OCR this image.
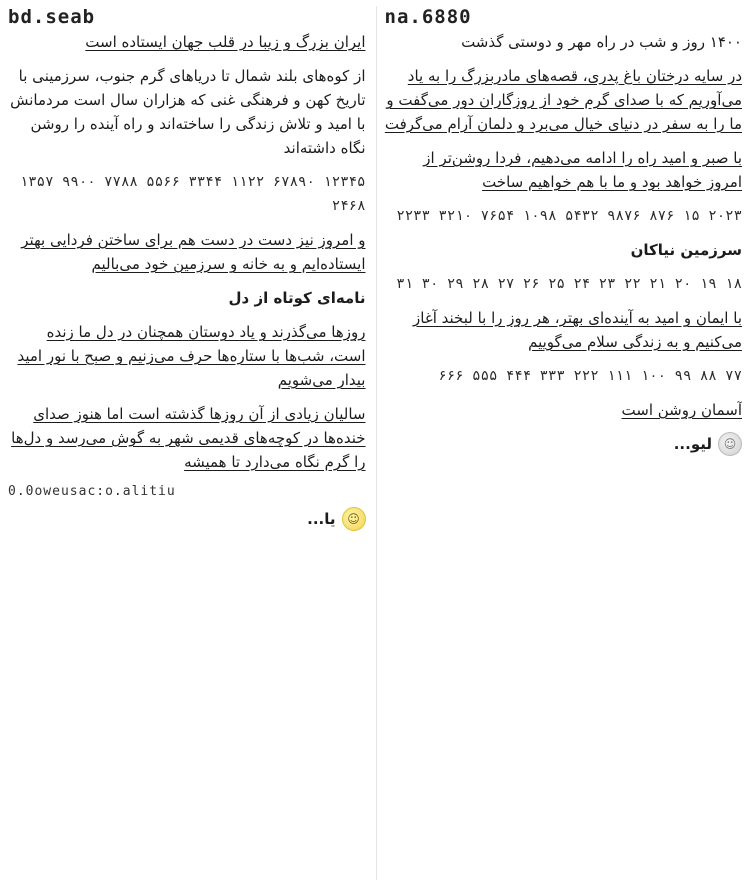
bd.seab
ایران بزرگ و زیبا در قلب جهان ایستاده است
از کوه‌های بلند شمال تا دریاهای گرم جنوب، سرزمینی با تاریخ کهن و فرهنگی غنی که هزاران سال است مردمانش با امید و تلاش زندگی را ساخته‌اند و راه آینده را روشن نگاه داشته‌اند
۱۲۳۴۵ ۶۷۸۹۰ ۱۱۲۲ ۳۳۴۴ ۵۵۶۶ ۷۷۸۸ ۹۹۰۰ ۱۳۵۷ ۲۴۶۸
و امروز نیز دست در دست هم برای ساختن فردایی بهتر ایستاده‌ایم و به خانه و سرزمین خود می‌بالیم
نامه‌ای کوتاه از دل
روزها می‌گذرند و یاد دوستان همچنان در دل ما زنده است، شب‌ها با ستاره‌ها حرف می‌زنیم و صبح با نور امید بیدار می‌شویم
سالیان زیادی از آن روزها گذشته است اما هنوز صدای خنده‌ها در کوچه‌های قدیمی شهر به گوش می‌رسد و دل‌ها را گرم نگاه می‌دارد تا همیشه
0.0oweusac:o.alitiu
☺
یا...
na.6880
۱۴۰۰ روز و شب در راه مهر و دوستی گذشت
در سایه درختان باغ پدری، قصه‌های مادربزرگ را به یاد می‌آوریم که با صدای گرم خود از روزگاران دور می‌گفت و ما را به سفر در دنیای خیال می‌برد و دلمان آرام می‌گرفت
با صبر و امید راه را ادامه می‌دهیم، فردا روشن‌تر از امروز خواهد بود و ما با هم خواهیم ساخت
۲۰۲۳ ۱۵ ۸۷۶ ۹۸۷۶ ۵۴۳۲ ۱۰۹۸ ۷۶۵۴ ۳۲۱۰ ۲۲۳۳
سرزمین نیاکان
۱۸ ۱۹ ۲۰ ۲۱ ۲۲ ۲۳ ۲۴ ۲۵ ۲۶ ۲۷ ۲۸ ۲۹ ۳۰ ۳۱
با ایمان و امید به آینده‌ای بهتر، هر روز را با لبخند آغاز می‌کنیم و به زندگی سلام می‌گوییم
۷۷ ۸۸ ۹۹ ۱۰۰ ۱۱۱ ۲۲۲ ۳۳۳ ۴۴۴ ۵۵۵ ۶۶۶
آسمان روشن است
☺
لیو...
